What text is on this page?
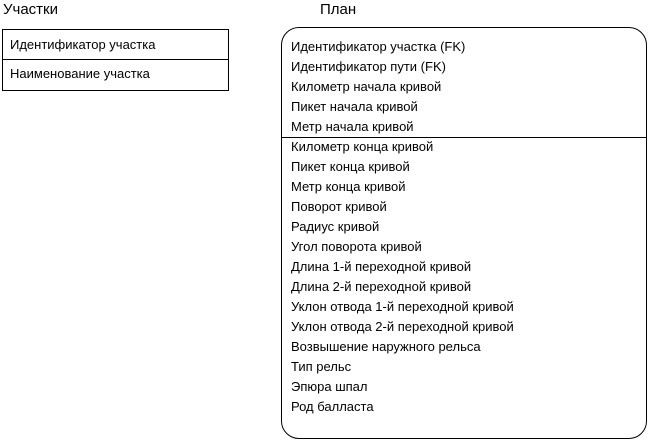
Участки
Идентификатор участка
Наименование участка
План
Идентификатор участка (FK)
Идентификатор пути (FK)
Километр начала кривой
Пикет начала кривой
Метр начала кривой
Километр конца кривой
Пикет конца кривой
Метр конца кривой
Поворот кривой
Радиус кривой
Угол поворота кривой
Длина 1-й переходной кривой
Длина 2-й переходной кривой
Уклон отвода 1-й переходной кривой
Уклон отвода 2-й переходной кривой
Возвышение наружного рельса
Тип рельс
Эпюра шпал
Род балласта
